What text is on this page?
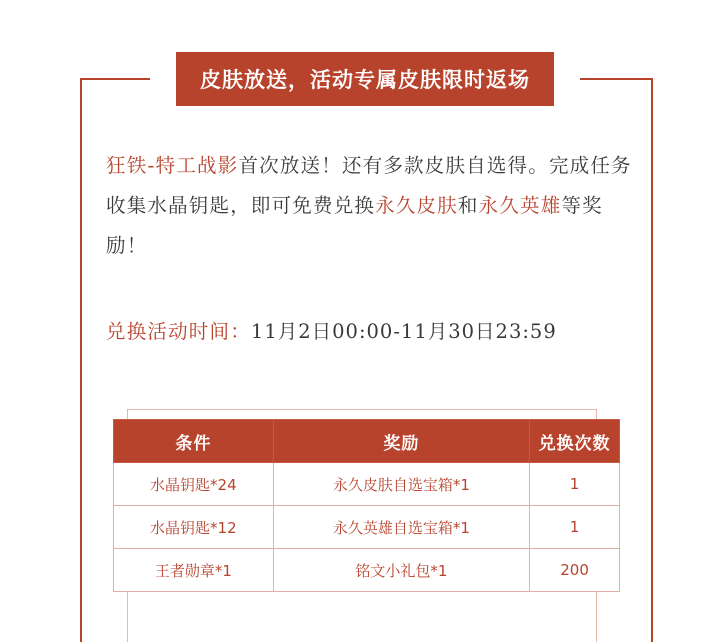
皮肤放送，活动专属皮肤限时返场
狂铁-特工战影首次放送！还有多款皮肤自选得。完成任务收集水晶钥匙，即可免费兑换永久皮肤和永久英雄等奖励！
兑换活动时间：11月2日00:00-11月30日23:59
条件	奖励	兑换次数
水晶钥匙*24	永久皮肤自选宝箱*1	1
水晶钥匙*12	永久英雄自选宝箱*1	1
王者勋章*1	铭文小礼包*1	200
